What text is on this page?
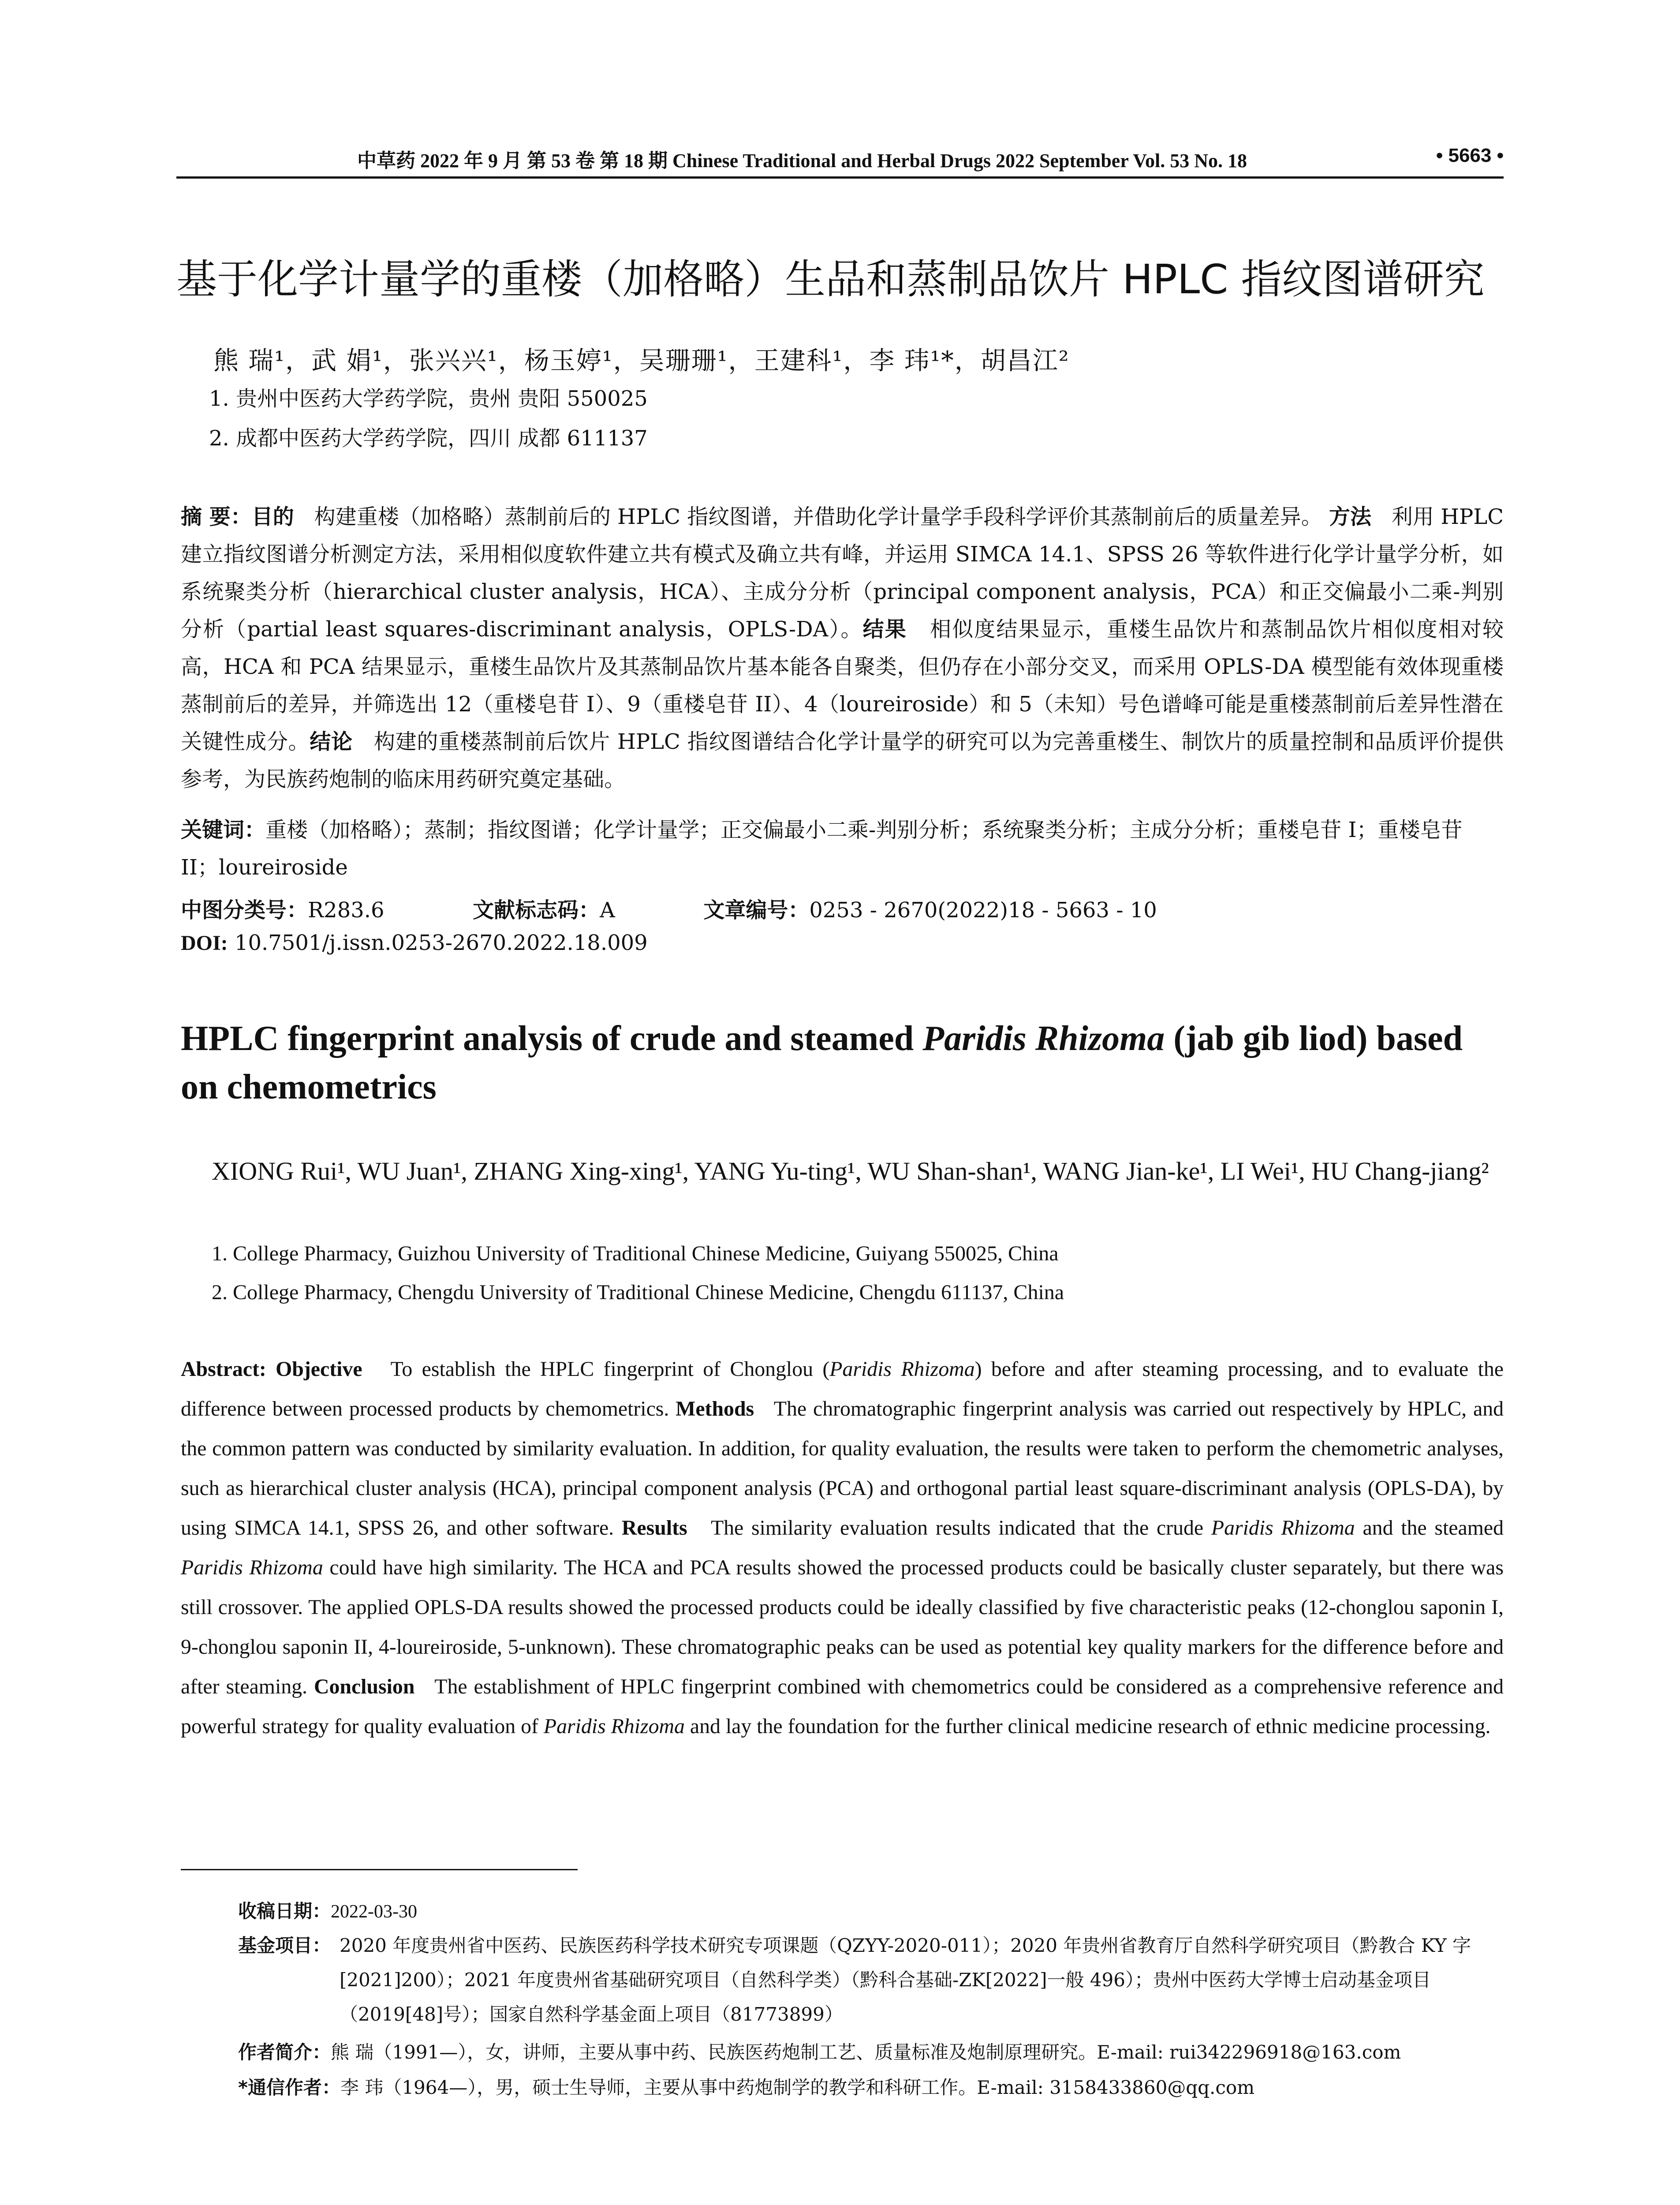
中草药 2022 年 9 月 第 53 卷 第 18 期 Chinese Traditional and Herbal Drugs 2022 September Vol. 53 No. 18	• 5663 •
基于化学计量学的重楼（加格略）生品和蒸制品饮片 HPLC 指纹图谱研究
熊 瑞¹，武 娟¹，张兴兴¹，杨玉婷¹，吴珊珊¹，王建科¹，李 玮¹*，胡昌江²
1. 贵州中医药大学药学院，贵州 贵阳 550025
2. 成都中医药大学药学院，四川 成都 611137
摘 要：目的 构建重楼（加格略）蒸制前后的 HPLC 指纹图谱，并借助化学计量学手段科学评价其蒸制前后的质量差异。 方法 利用 HPLC 建立指纹图谱分析测定方法，采用相似度软件建立共有模式及确立共有峰，并运用 SIMCA 14.1、SPSS 26 等软件进行化学计量学分析，如系统聚类分析（hierarchical cluster analysis，HCA）、主成分分析（principal component analysis，PCA）和正交偏最小二乘-判别分析（partial least squares-discriminant analysis，OPLS-DA）。结果 相似度结果显示，重楼生品饮片和蒸制品饮片相似度相对较高，HCA 和 PCA 结果显示，重楼生品饮片及其蒸制品饮片基本能各自聚类，但仍存在小部分交叉，而采用 OPLS-DA 模型能有效体现重楼蒸制前后的差异，并筛选出 12（重楼皂苷 I）、9（重楼皂苷 II）、4（loureiroside）和 5（未知）号色谱峰可能是重楼蒸制前后差异性潜在关键性成分。结论 构建的重楼蒸制前后饮片 HPLC 指纹图谱结合化学计量学的研究可以为完善重楼生、制饮片的质量控制和品质评价提供参考，为民族药炮制的临床用药研究奠定基础。
关键词：重楼（加格略）；蒸制；指纹图谱；化学计量学；正交偏最小二乘-判别分析；系统聚类分析；主成分分析；重楼皂苷 I；重楼皂苷 II；loureiroside
中图分类号：R283.6	文献标志码：A	文章编号：0253 - 2670(2022)18 - 5663 - 10
DOI: 10.7501/j.issn.0253-2670.2022.18.009
HPLC fingerprint analysis of crude and steamed Paridis Rhizoma (jab gib liod) based on chemometrics
XIONG Rui¹, WU Juan¹, ZHANG Xing-xing¹, YANG Yu-ting¹, WU Shan-shan¹, WANG Jian-ke¹, LI Wei¹, HU Chang-jiang²
1. College Pharmacy, Guizhou University of Traditional Chinese Medicine, Guiyang 550025, China
2. College Pharmacy, Chengdu University of Traditional Chinese Medicine, Chengdu 611137, China
Abstract: Objective To establish the HPLC fingerprint of Chonglou (Paridis Rhizoma) before and after steaming processing, and to evaluate the difference between processed products by chemometrics. Methods The chromatographic fingerprint analysis was carried out respectively by HPLC, and the common pattern was conducted by similarity evaluation. In addition, for quality evaluation, the results were taken to perform the chemometric analyses, such as hierarchical cluster analysis (HCA), principal component analysis (PCA) and orthogonal partial least square-discriminant analysis (OPLS-DA), by using SIMCA 14.1, SPSS 26, and other software. Results The similarity evaluation results indicated that the crude Paridis Rhizoma and the steamed Paridis Rhizoma could have high similarity. The HCA and PCA results showed the processed products could be basically cluster separately, but there was still crossover. The applied OPLS-DA results showed the processed products could be ideally classified by five characteristic peaks (12-chonglou saponin I, 9-chonglou saponin II, 4-loureiroside, 5-unknown). These chromatographic peaks can be used as potential key quality markers for the difference before and after steaming. Conclusion The establishment of HPLC fingerprint combined with chemometrics could be considered as a comprehensive reference and powerful strategy for quality evaluation of Paridis Rhizoma and lay the foundation for the further clinical medicine research of ethnic medicine processing.
收稿日期：2022-03-30
基金项目： 2020 年度贵州省中医药、民族医药科学技术研究专项课题（QZYY-2020-011）；2020 年贵州省教育厅自然科学研究项目（黔教合 KY 字[2021]200）；2021 年度贵州省基础研究项目（自然科学类）（黔科合基础-ZK[2022]一般 496）；贵州中医药大学博士启动基金项目（2019[48]号）；国家自然科学基金面上项目（81773899）
作者简介：熊 瑞（1991—），女，讲师，主要从事中药、民族医药炮制工艺、质量标准及炮制原理研究。E-mail: rui342296918@163.com
*通信作者：李 玮（1964—），男，硕士生导师，主要从事中药炮制学的教学和科研工作。E-mail: 3158433860@qq.com
